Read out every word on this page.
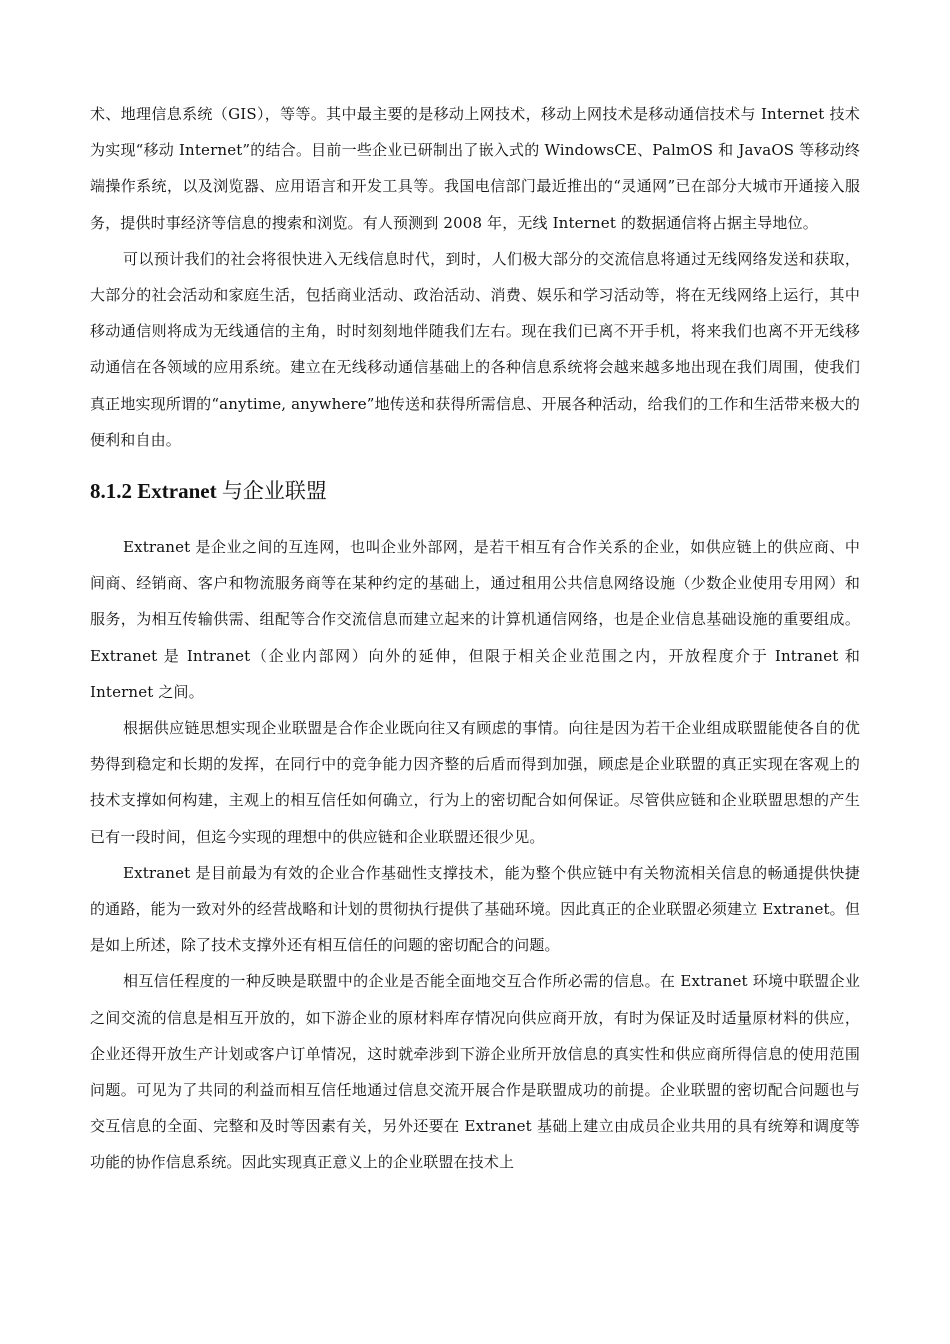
术、地理信息系统（GIS），等等。其中最主要的是移动上网技术，移动上网技术是移动通信技术与 Internet 技术为实现“移动 Internet”的结合。目前一些企业已研制出了嵌入式的 WindowsCE、PalmOS 和 JavaOS 等移动终端操作系统，以及浏览器、应用语言和开发工具等。我国电信部门最近推出的“灵通网”已在部分大城市开通接入服务，提供时事经济等信息的搜索和浏览。有人预测到 2008 年，无线 Internet 的数据通信将占据主导地位。

可以预计我们的社会将很快进入无线信息时代，到时，人们极大部分的交流信息将通过无线网络发送和获取，大部分的社会活动和家庭生活，包括商业活动、政治活动、消费、娱乐和学习活动等，将在无线网络上运行，其中移动通信则将成为无线通信的主角，时时刻刻地伴随我们左右。现在我们已离不开手机，将来我们也离不开无线移动通信在各领域的应用系统。建立在无线移动通信基础上的各种信息系统将会越来越多地出现在我们周围，使我们真正地实现所谓的“anytime, anywhere”地传送和获得所需信息、开展各种活动，给我们的工作和生活带来极大的便利和自由。

8.1.2 Extranet 与企业联盟

Extranet 是企业之间的互连网，也叫企业外部网，是若干相互有合作关系的企业，如供应链上的供应商、中间商、经销商、客户和物流服务商等在某种约定的基础上，通过租用公共信息网络设施（少数企业使用专用网）和服务，为相互传输供需、组配等合作交流信息而建立起来的计算机通信网络，也是企业信息基础设施的重要组成。Extranet 是 Intranet（企业内部网）向外的延伸，但限于相关企业范围之内，开放程度介于 Intranet 和 Internet 之间。

根据供应链思想实现企业联盟是合作企业既向往又有顾虑的事情。向往是因为若干企业组成联盟能使各自的优势得到稳定和长期的发挥，在同行中的竞争能力因齐整的后盾而得到加强，顾虑是企业联盟的真正实现在客观上的技术支撑如何构建，主观上的相互信任如何确立，行为上的密切配合如何保证。尽管供应链和企业联盟思想的产生已有一段时间，但迄今实现的理想中的供应链和企业联盟还很少见。

Extranet 是目前最为有效的企业合作基础性支撑技术，能为整个供应链中有关物流相关信息的畅通提供快捷的通路，能为一致对外的经营战略和计划的贯彻执行提供了基础环境。因此真正的企业联盟必须建立 Extranet。但是如上所述，除了技术支撑外还有相互信任的问题的密切配合的问题。

相互信任程度的一种反映是联盟中的企业是否能全面地交互合作所必需的信息。在 Extranet 环境中联盟企业之间交流的信息是相互开放的，如下游企业的原材料库存情况向供应商开放，有时为保证及时适量原材料的供应，企业还得开放生产计划或客户订单情况，这时就牵涉到下游企业所开放信息的真实性和供应商所得信息的使用范围问题。可见为了共同的利益而相互信任地通过信息交流开展合作是联盟成功的前提。企业联盟的密切配合问题也与交互信息的全面、完整和及时等因素有关，另外还要在 Extranet 基础上建立由成员企业共用的具有统筹和调度等功能的协作信息系统。因此实现真正意义上的企业联盟在技术上
